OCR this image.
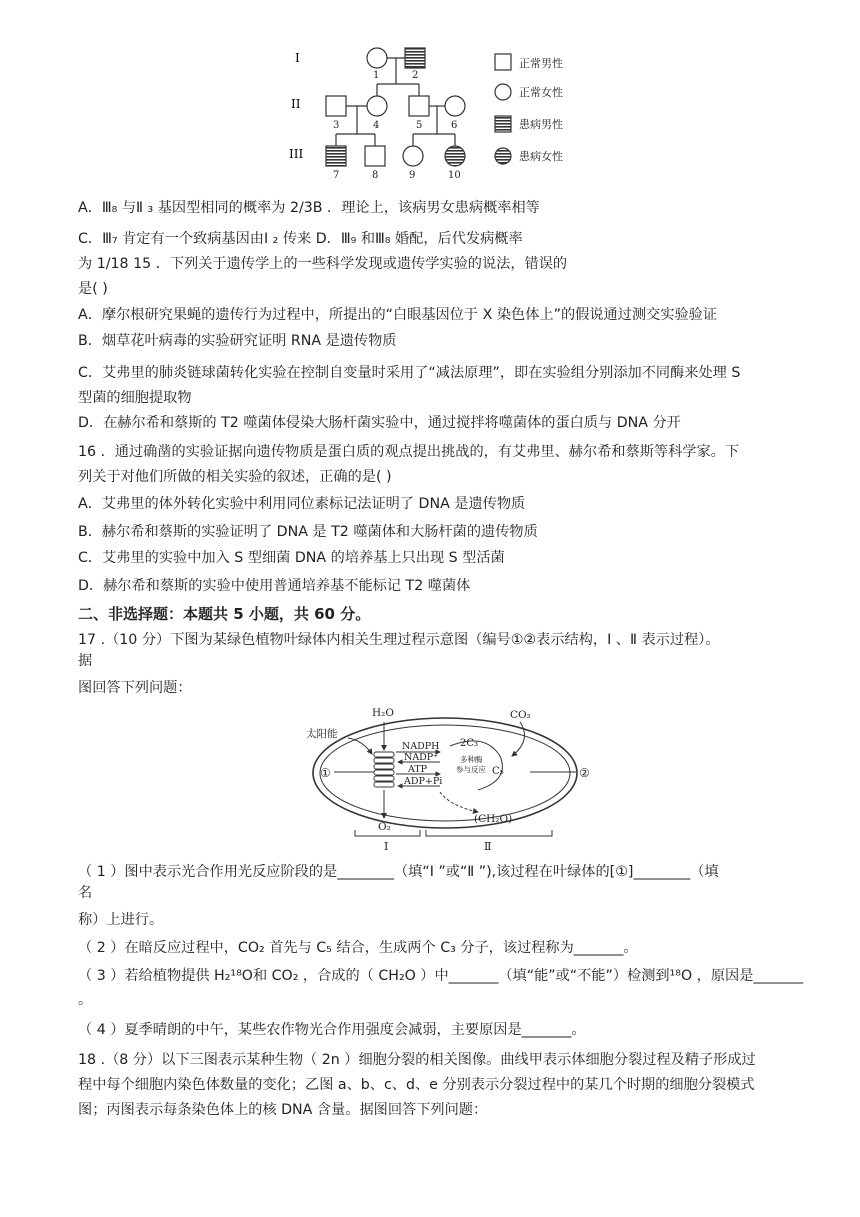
I
II
III
1	2
3	4	5	6
7	8	9	10
正常男性
正常女性
患病男性
患病女性
A．Ⅲ₈ 与Ⅱ ₃ 基因型相同的概率为 2/3B ．理论上，该病男女患病概率相等
C．Ⅲ₇ 肯定有一个致病基因由Ⅰ ₂ 传来 D．Ⅲ₉ 和Ⅲ₈ 婚配，后代发病概率
为 1/18 15 ．下列关于遗传学上的一些科学发现或遗传学实验的说法，错误的
是( )
A．摩尔根研究果蝇的遗传行为过程中，所提出的“白眼基因位于 X 染色体上”的假说通过测交实验验证
B．烟草花叶病毒的实验研究证明 RNA 是遗传物质
C．艾弗里的肺炎链球菌转化实验在控制自变量时采用了“减法原理”，即在实验组分别添加不同酶来处理 S
型菌的细胞提取物
D．在赫尔希和蔡斯的 T2 噬菌体侵染大肠杆菌实验中，通过搅拌将噬菌体的蛋白质与 DNA 分开
16 ．通过确凿的实验证据向遗传物质是蛋白质的观点提出挑战的，有艾弗里、赫尔希和蔡斯等科学家。下
列关于对他们所做的相关实验的叙述，正确的是( )
A．艾弗里的体外转化实验中利用同位素标记法证明了 DNA 是遗传物质
B．赫尔希和蔡斯的实验证明了 DNA 是 T2 噬菌体和大肠杆菌的遗传物质
C．艾弗里的实验中加入 S 型细菌 DNA 的培养基上只出现 S 型活菌
二、非选择题：本题共 5 小题，共 60 分。
D．赫尔希和蔡斯的实验中使用普通培养基不能标记 T2 噬菌体
17 .（10 分）下图为某绿色植物叶绿体内相关生理过程示意图（编号①②表示结构，Ⅰ 、Ⅱ 表示过程）。
据
图回答下列问题：
H₂O	CO₂
太阳能
NADPH
NADP⁺
ATP
ADP+Pi
2C₃
多种酶
参与反应 C₅
O₂
(CH₂O)
①	②
Ⅰ	Ⅱ
（ 1 ）图中表示光合作用光反应阶段的是________（填“Ⅰ ”或“Ⅱ ”),该过程在叶绿体的[①]________（填
名
称）上进行。
（ 2 ）在暗反应过程中，CO₂ 首先与 C₅ 结合，生成两个 C₃ 分子，该过程称为_______。
（ 3 ）若给植物提供 H₂¹⁸O和 CO₂ ，合成的（ CH₂O ）中_______（填“能”或“不能”）检测到¹⁸O ，原因是_______
。
（ 4 ）夏季晴朗的中午，某些农作物光合作用强度会减弱，主要原因是_______。
18 .（8 分）以下三图表示某种生物（ 2n ）细胞分裂的相关图像。曲线甲表示体细胞分裂过程及精子形成过
程中每个细胞内染色体数量的变化；乙图 a、b、c、d、e 分别表示分裂过程中的某几个时期的细胞分裂模式
图；丙图表示每条染色体上的核 DNA 含量。据图回答下列问题：
